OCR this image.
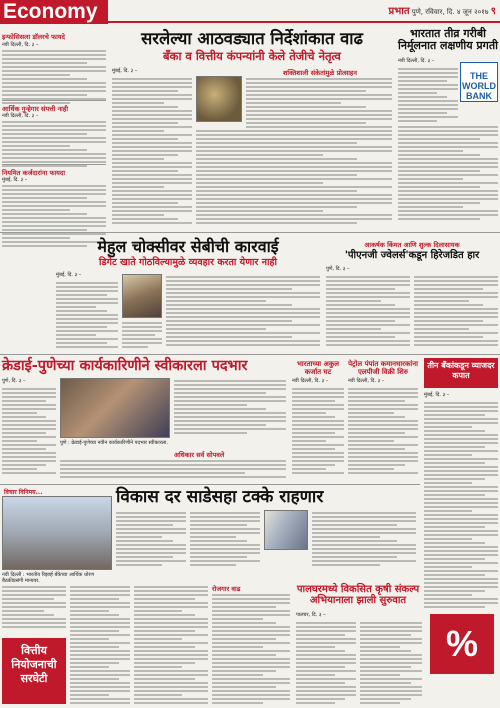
Economy	प्रभात पुणे, रविवार, दि. ४ जून २०१७ ९
इन्फोसिसला डॉलरचे फायदे
नवी दिल्ली, दि. ३ –
आर्थिक गुन्हेगार संपत्ती नाही
नवी दिल्ली, दि. ३ –
नियमित कर्जदारांना फायदा
मुंबई, दि. ३ –
सरलेल्या आठवड्यात निर्देशांकात वाढ
बँका व वित्तीय कंपन्यांनी केले तेजीचे नेतृत्व
शक्तिशाली संकेतांमुळे प्रोत्साहन
मुंबई, दि. ३ –
भारतात तीव्र गरीबी निर्मूलनात लक्षणीय प्रगती
नवी दिल्ली, दि. ३ –
THE WORLD BANK
मेहुल चोक्सीवर सेबीची कारवाई
डिगेट खाते गोठविल्यामुळे व्यवहार करता येणार नाही
मुंबई, दि. ३ –
आकर्षक किंमत आणि शुल्क दिलासायक
'पीएनजी ज्वेलर्स'कडून हिरेजडित हार
पुणे, दि. ३ –
क्रेडाई-पुणेच्या कार्यकारिणीने स्वीकारला पदभार
पुणे, दि. ३ –
पुणे : क्रेडाई-पुणेच्या नवीन कार्यकारिणीने पदभार स्वीकारला.
अधिकार सर्व सोपवले
भारताच्या अकुल कर्जात घट
नवी दिल्ली, दि. ३ –
पेट्रोल पंपांत कमानधारकांना एलपीजी विक्री शिरु
नवी दिल्ली, दि. ३ –
तीन बँकांकडून व्याजदर कपात
मुंबई, दि. ३ –
विचार विनिमय...
नवी दिल्ली : भारतीय रिझर्व्ह बँकेच्या आर्थिक धोरण बैठकीप्रसंगी मान्यवर.
विकास दर साडेसहा टक्के राहणार
%
वित्तीय नियोजनाची सरघेटी
रोजगार वाढ	पालघरमध्ये विकसित कृषी संकल्प अभियानाला झाली सुरुवात
पालघर, दि. ३ –
